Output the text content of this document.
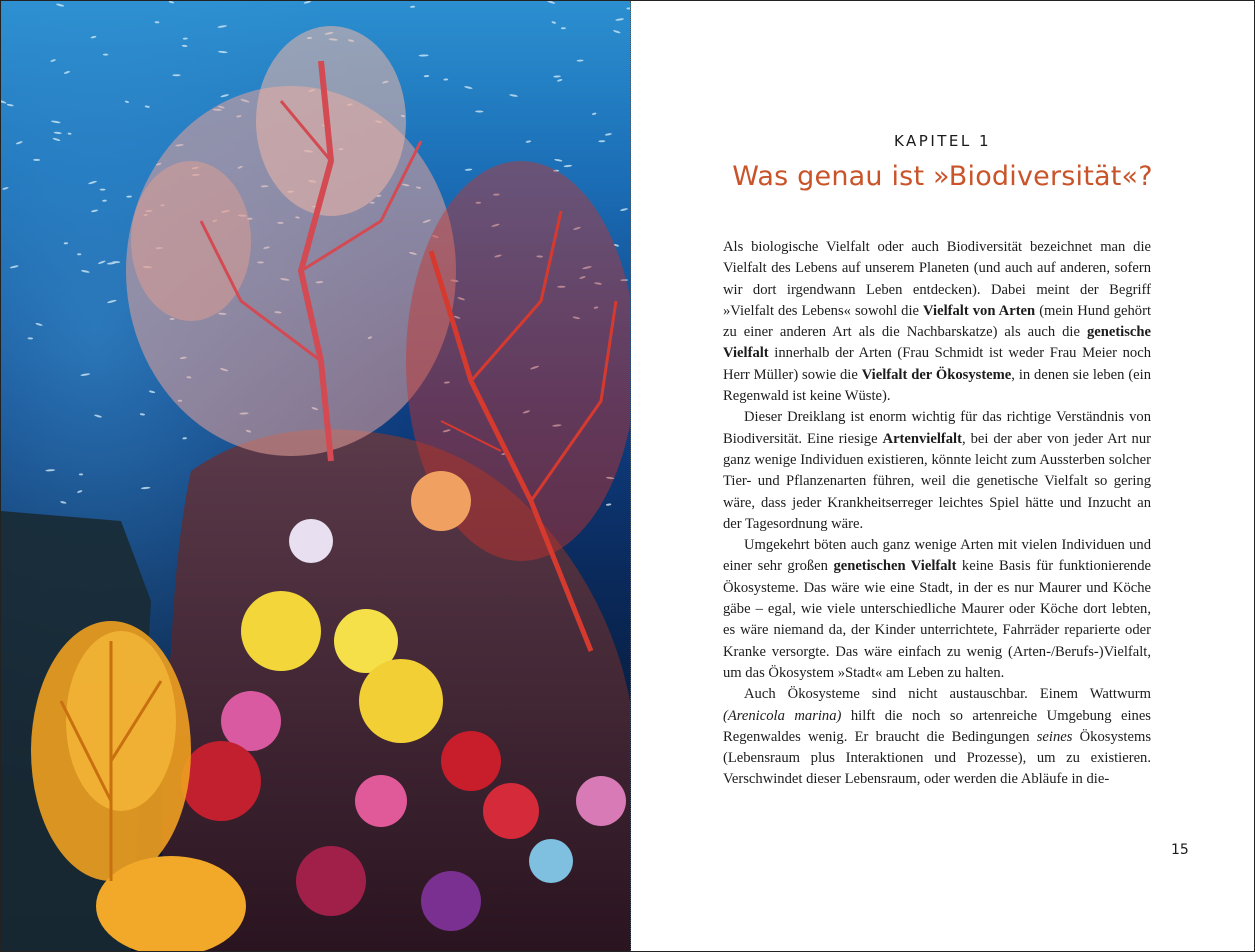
KAPITEL 1
Was genau ist »Biodiversität«?

Als biologische Vielfalt oder auch Biodiversität bezeichnet man die Vielfalt des Lebens auf unserem Planeten (und auch auf anderen, sofern wir dort irgendwann Leben entdecken). Dabei meint der Begriff »Vielfalt des Lebens« sowohl die Vielfalt von Arten (mein Hund gehört zu einer anderen Art als die Nachbarskatze) als auch die genetische Vielfalt innerhalb der Arten (Frau Schmidt ist weder Frau Meier noch Herr Müller) sowie die Vielfalt der Ökosysteme, in denen sie leben (ein Regenwald ist keine Wüste).

Dieser Dreiklang ist enorm wichtig für das richtige Verständnis von Biodiversität. Eine riesige Artenvielfalt, bei der aber von jeder Art nur ganz wenige Individuen existieren, könnte leicht zum Aussterben solcher Tier- und Pflanzenarten führen, weil die genetische Vielfalt so gering wäre, dass jeder Krankheitserreger leichtes Spiel hätte und Inzucht an der Tagesordnung wäre.

Umgekehrt böten auch ganz wenige Arten mit vielen Individuen und einer sehr großen genetischen Vielfalt keine Basis für funktionierende Ökosysteme. Das wäre wie eine Stadt, in der es nur Maurer und Köche gäbe – egal, wie viele unterschiedliche Maurer oder Köche dort lebten, es wäre niemand da, der Kinder unterrichtete, Fahrräder reparierte oder Kranke versorgte. Das wäre einfach zu wenig (Arten-/Berufs-)Vielfalt, um das Ökosystem »Stadt« am Leben zu halten.

Auch Ökosysteme sind nicht austauschbar. Einem Wattwurm (Arenicola marina) hilft die noch so artenreiche Umgebung eines Regenwaldes wenig. Er braucht die Bedingungen seines Ökosystems (Lebensraum plus Interaktionen und Prozesse), um zu existieren. Verschwindet dieser Lebensraum, oder werden die Abläufe in die-

15
